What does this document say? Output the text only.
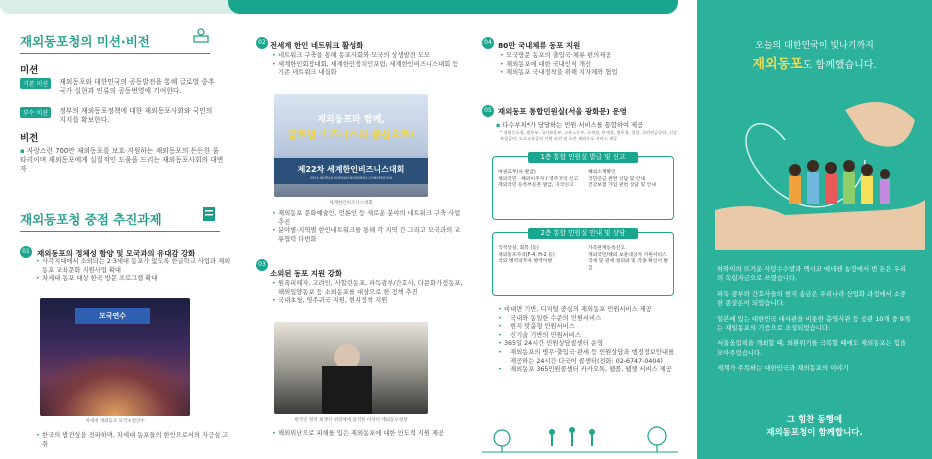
재외동포청의 미션·비전
미션
기본 미션 재외동포와 대한민국의 공동발전을 통해 글로벌 중추국가 실현과 인류의 공동번영에 기여한다.
부수 미션 정부의 재외동포정책에 대한 재외동포사회와 국민의 지지를 확보한다.
비전
▪ 자랑스런 700만 재외동포를 보호·지원하는 재외동포의 든든한 울타리이며 재외동포에게 실질적인 도움을 드리는 재외동포사회의 대변자
재외동포청 중점 추진과제
01 재외동포의 정체성 함양 및 모국과의 유대감 강화
• 사각지대에서 소외되는 2·3세대 동포가 없도록 한글학교 사업과 재외동포 교육문화 지원사업 확대
• 차세대 동포 대상 한국 방문 프로그램 확대
모국연수
차세대 재외동포 모국초청연수
• 한국의 발전상을 전파하며, 차세대 동포들의 한인으로서의 자긍심 고취
02 전세계 한인 네트워크 활성화
• 네트워크 구축을 통해 동포사회와 모국의 상생발전 도모
• 세계한인회장대회, 세계한인정치인포럼, 세계한인비즈니스대회 등 기존 네트워크 내실화
재외동포와 함께,
글로벌 비즈니스의 중심으로!
제22차 세계한인비즈니스대회
2024 WORLD KOREAN BUSINESS CONVENTION
세계한인비즈니스대회
• 재외동포 문화예술인, 언론인 등 새로운 분야의 네트워크 구축 사업 추진
• 분야별·지역별 한인네트워크를 통해 각 지역 간 그리고 모국과의 교류협력 다변화
03
소외된 동포 지원 강화
• 원폭피해자, 고려인, 사할린동포, 파독광부/간호사, 다문화가정동포, 해외입양동포 등 소외동포를 대상으로 한 정책 추진
• 국내초청, 영주귀국 지원, 현지정착 지원
한국인 원폭 희생자 위령제에 참석한 이상덕 재외동포청장
• 해외위난으로 피해를 입은 재외동포에 대한 인도적 지원 제공
04 80만 국내체류 동포 지원
• 모국방문 동포의 출입국·체류 편의제공
• 재외동포에 대한 국내인식 개선
• 재외동포 국내정착을 위해 지자체와 협업
05 재외동포 통합민원실(서울 광화문) 운영
▪ 다수부처*가 담당하는 민원 서비스를 통합하여 제공
* 재외동포청, 법무부, 국가보훈부, 고용노동부, 국세청, 관세청, 병무청, 경찰, 국민연금공단, 건강보험공단, 도로교통공단 인력 파견 및 소관 재외동포 서비스 제공
1층 통합 민원실 발급 및 신고
여권교부(유·발급)
재외국민 · 해외이주자 / 영주귀국 신고
재외국민 등록부등본 발급, 귀국신고
해외소재확인
국민연금 관련 상담 및 안내
건강보험 가입 관련 상담 및 안내
2층 통합 민원실 안내 및 상담
국적상실, 회복 (등)
재외동포자격(F-4, H-2 등)
국외 병역의무자 병역이행
가족관계등록신고
재외국민/해외 보훈대상자 지원서비스
국세 및 관세 질의와 및 각종 확인서 발급
• 비대면 기반, 디지털 중심의 재외동포 민원서비스 제공
• 국내와 동일한 수준의 민원서비스
• 현지 맞춤형 민원서비스
• 신기술 기반의 민원서비스
• 365일 24시간 민원상담콜센터 운영
• 재외동포의 병무·출입국·관세 등 민원상담과 행정정보안내를 제공하는 24시간 다국어 콜센터(전화: 02-6747-0404)
• 재외동포 365민원콜센터 카카오톡, 웹콜, 웹챗 서비스 제공
오늘의 대한민국이 빛나기까지
재외동포도 함께했습니다.
하와이의 뜨거운 사탕수수밭과 멕시코 에네켄 농장에서 번 돈은 우리의 독립자금으로 쓰였습니다.
파독 광부와 간호사들의 현지 송금은 우리나라 산업화 과정에서 소중한 종잣돈이 되었습니다.
일본에 있는 대한민국 대사관을 비롯한 총영사관 등 공관 10개 중 9개는 재일동포의 기증으로 조성되었습니다.
서울올림픽을 개최할 때, 외환위기를 극복할 때에도 재외동포는 힘을 모아주었습니다.
세계가 주목하는 대한민국과 재외동포의 이야기
그 힘찬 동행에
재외동포청이 함께합니다.
